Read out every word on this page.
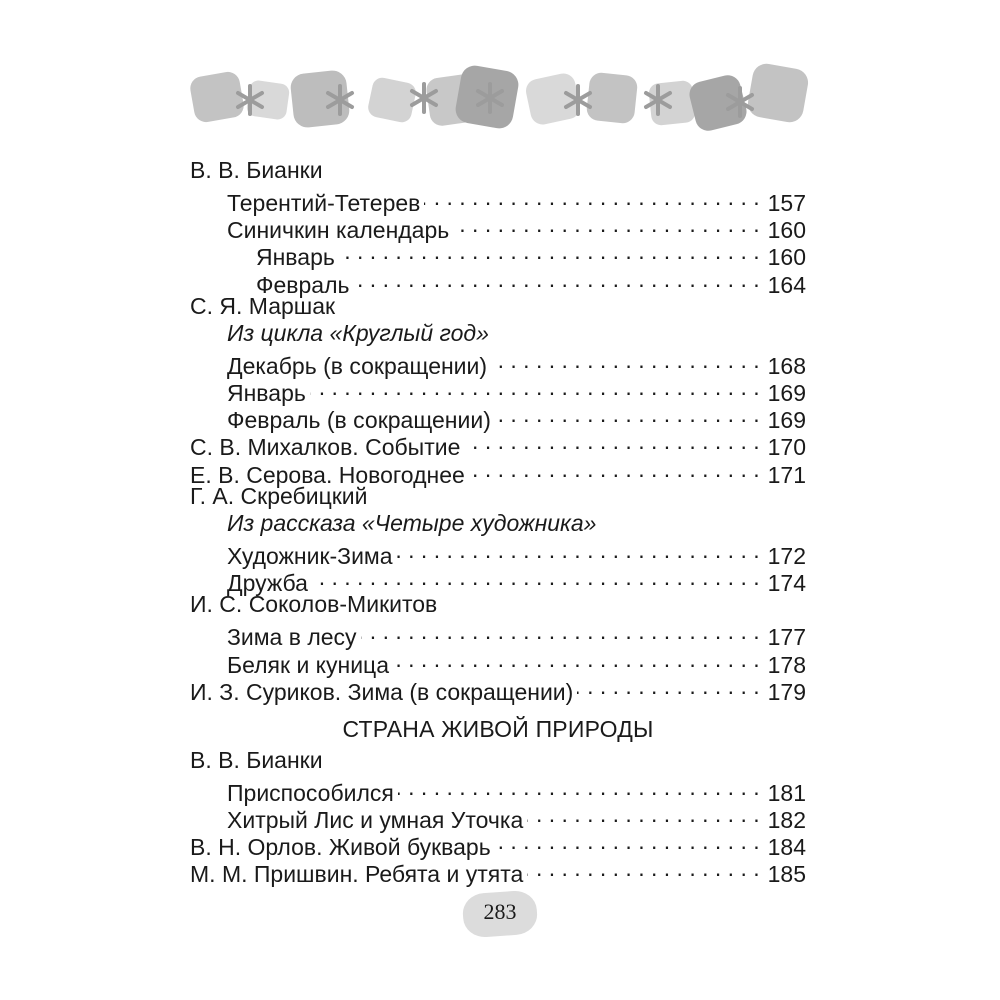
В. В. Бианки
Терентий-Тетерев . . .	157
Синичкин календарь . . .	160
Январь . . .	160
Февраль . . .	164
С. Я. Маршак
Из цикла «Круглый год»
Декабрь (в сокращении) . . .	168
Январь . . .	169
Февраль (в сокращении) . . .	169
С. В. Михалков. Событие . . .	170
Е. В. Серова. Новогоднее . . .	171
Г. А. Скребицкий
Из рассказа «Четыре художника»
Художник-Зима . . .	172
Дружба . . .	174
И. С. Соколов-Микитов
Зима в лесу . . .	177
Беляк и куница . . .	178
И. З. Суриков. Зима (в сокращении) . . .	179
СТРАНА ЖИВОЙ ПРИРОДЫ
В. В. Бианки
Приспособился . . .	181
Хитрый Лис и умная Уточка . . .	182
В. Н. Орлов. Живой букварь . . .	184
М. М. Пришвин. Ребята и утята . . .	185
283
